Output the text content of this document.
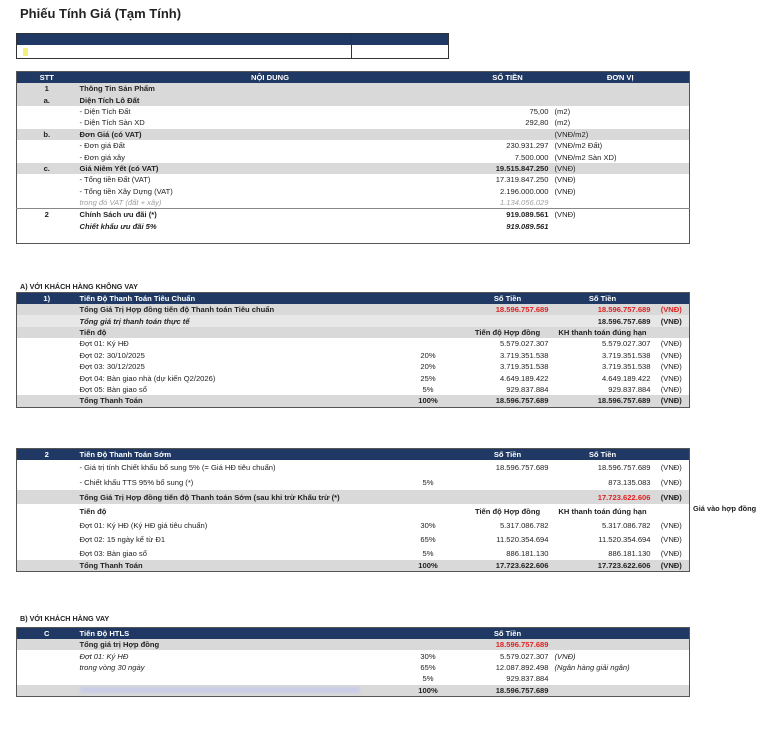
Phiếu Tính Giá (Tạm Tính)
STT	NỘI DUNG	SỐ TIỀN	ĐƠN VỊ
1	Thông Tin Sản Phẩm		
a.	Diện Tích Lô Đất		
	- Diện Tích Đất	75,00	(m2)
	- Diện Tích Sàn XD	292,80	(m2)
b.	Đơn Giá (có VAT)		(VNĐ/m2)
	- Đơn giá Đất	230.931.297	(VNĐ/m2 Đất)
	- Đơn giá xây	7.500.000	(VNĐ/m2 Sàn XD)
c.	Giá Niêm Yết (có VAT)	19.515.847.250	(VNĐ)
	- Tổng tiền Đất (VAT)	17.319.847.250	(VNĐ)
	- Tổng tiền Xây Dựng (VAT)	2.196.000.000	(VNĐ)
	trong đó VAT (đất + xây)	1.134.056.029	
2	Chính Sách ưu đãi (*)	919.089.561	(VNĐ)
	Chiết khấu ưu đãi 5%	919.089.561	

A) VỚI KHÁCH HÀNG KHÔNG VAY
1)	Tiến Độ Thanh Toán Tiêu Chuẩn		Số Tiền	Số Tiền	
	Tổng Giá Trị Hợp đồng tiến độ Thanh toán Tiêu chuẩn		18.596.757.689	18.596.757.689	(VNĐ)
	Tổng giá trị thanh toán thực tế			18.596.757.689	(VNĐ)
	Tiến độ		Tiến độ Hợp đồng	KH thanh toán đúng hạn	
	Đợt 01: Ký HĐ		5.579.027.307	5.579.027.307	(VNĐ)
	Đợt 02: 30/10/2025	20%	3.719.351.538	3.719.351.538	(VNĐ)
	Đợt 03: 30/12/2025	20%	3.719.351.538	3.719.351.538	(VNĐ)
	Đợt 04: Bàn giao nhà (dự kiến Q2/2026)	25%	4.649.189.422	4.649.189.422	(VNĐ)
	Đợt 05: Bàn giao sổ	5%	929.837.884	929.837.884	(VNĐ)
	Tổng Thanh Toán	100%	18.596.757.689	18.596.757.689	(VNĐ)
2	Tiến Độ Thanh Toán Sớm		Số Tiền	Số Tiền	
	- Giá trị tính Chiết khấu bổ sung 5% (= Giá HĐ tiêu chuẩn)		18.596.757.689	18.596.757.689	(VNĐ)
	- Chiết khấu TTS 95% bổ sung (*)	5%		873.135.083	(VNĐ)
	Tổng Giá Trị Hợp đồng tiến độ Thanh toán Sớm (sau khi trừ Khấu trừ (*)			17.723.622.606	(VNĐ)
	Tiến độ		Tiến độ Hợp đồng	KH thanh toán đúng hạn	
	Đợt 01: Ký HĐ (Ký HĐ giá tiêu chuẩn)	30%	5.317.086.782	5.317.086.782	(VNĐ)
	Đợt 02: 15 ngày kể từ Đ1	65%	11.520.354.694	11.520.354.694	(VNĐ)
	Đợt 03: Bàn giao sổ	5%	886.181.130	886.181.130	(VNĐ)
	Tổng Thanh Toán	100%	17.723.622.606	17.723.622.606	(VNĐ)
Giá vào hợp đồng
B) VỚI KHÁCH HÀNG VAY
C	Tiến Độ HTLS		Số Tiền		
	Tổng giá trị Hợp đồng		18.596.757.689		
	Đợt 01: Ký HĐ	30%	5.579.027.307	(VNĐ)	
	trong vòng 30 ngày	65%	12.087.892.498	(Ngân hàng giải ngân)	
		5%	929.837.884		

	100%	18.596.757.689		
